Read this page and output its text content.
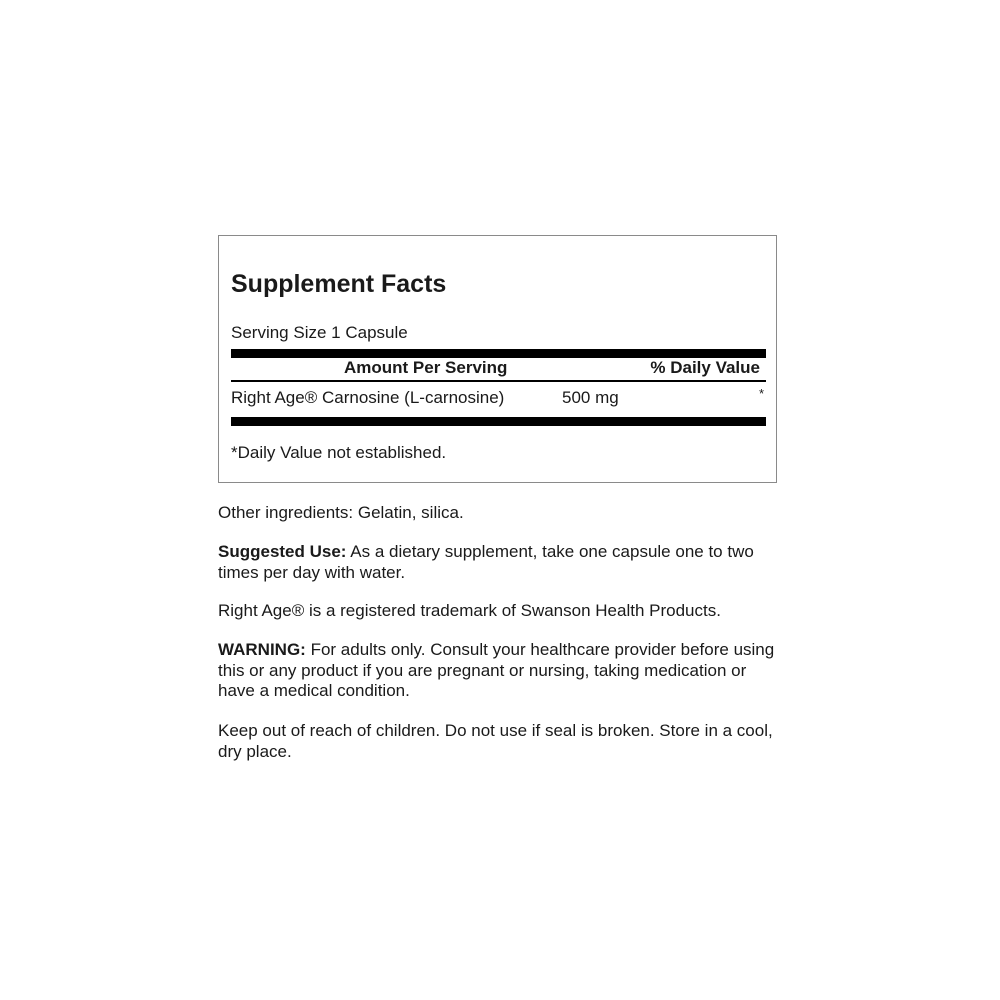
Supplement Facts
Serving Size 1 Capsule
Amount Per Serving	% Daily Value
Right Age® Carnosine (L-carnosine)	500 mg	*
*Daily Value not established.
Other ingredients: Gelatin, silica.
Suggested Use: As a dietary supplement, take one capsule one to two times per day with water.
Right Age® is a registered trademark of Swanson Health Products.
WARNING: For adults only. Consult your healthcare provider before using this or any product if you are pregnant or nursing, taking medication or have a medical condition.
Keep out of reach of children. Do not use if seal is broken. Store in a cool, dry place.
